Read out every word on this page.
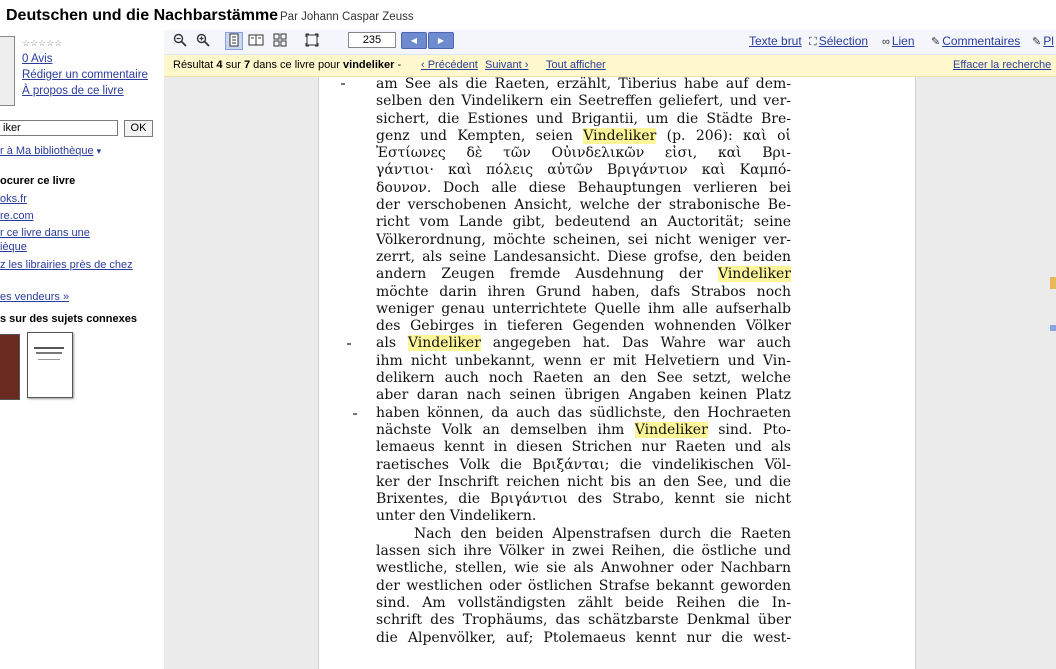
Deutschen und die Nachbarstämme Par Johann Caspar Zeuss
☆☆☆☆☆
0 Avis
Rédiger un commentaire
À propos de ce livre
iker
OK
r à Ma bibliothèque ▾
ocurer ce livre
oks.fr
re.com
r ce livre dans une
ièque
z les librairies près de chez
es vendeurs »
s sur des sujets connexes
235
◀	▶	Texte brut ⛶ Sélection ∞ Lien ✎ Commentaires ✎ Pl
Résultat 4 sur 7 dans ce livre pour vindeliker - ‹ Précédent Suivant › Tout afficher	Effacer la recherche
am See als die Raeten, erzählt, Tiberius habe auf dem-
selben den Vindelikern ein Seetreffen geliefert, und ver-
sichert, die Estiones und Brigantii, um die Städte Bre-
genz und Kempten, seien Vindeliker (p. 206): καὶ οἱ
Ἐστίωνες δὲ τῶν Οὐινδελικῶν εἰσι, καὶ Βρι-
γάντιοι· καὶ πόλεις αὐτῶν Βριγάντιον καὶ Καμπό-
δουνον. Doch alle diese Behauptungen verlieren bei
der verschobenen Ansicht, welche der strabonische Be-
richt vom Lande gibt, bedeutend an Auctorität; seine
Völkerordnung, möchte scheinen, sei nicht weniger ver-
zerrt, als seine Landesansicht. Diese grofse, den beiden
andern Zeugen fremde Ausdehnung der Vindeliker
möchte darin ihren Grund haben, dafs Strabos noch
weniger genau unterrichtete Quelle ihm alle aufserhalb
des Gebirges in tieferen Gegenden wohnenden Völker
als Vindeliker angegeben hat. Das Wahre war auch
ihm nicht unbekannt, wenn er mit Helvetiern und Vin-
delikern auch noch Raeten an den See setzt, welche
aber daran nach seinen übrigen Angaben keinen Platz
haben können, da auch das südlichste, den Hochraeten
nächste Volk an demselben ihm Vindeliker sind. Pto-
lemaeus kennt in diesen Strichen nur Raeten und als
raetisches Volk die Βριξάνται; die vindelikischen Völ-
ker der Inschrift reichen nicht bis an den See, und die
Brixentes, die Βριγάντιοι des Strabo, kennt sie nicht
unter den Vindelikern.
Nach den beiden Alpenstrafsen durch die Raeten
lassen sich ihre Völker in zwei Reihen, die östliche und
westliche, stellen, wie sie als Anwohner oder Nachbarn
der westlichen oder östlichen Strafse bekannt geworden
sind. Am vollständigsten zählt beide Reihen die In-
schrift des Trophäums, das schätzbarste Denkmal über
die Alpenvölker, auf; Ptolemaeus kennt nur die west-
